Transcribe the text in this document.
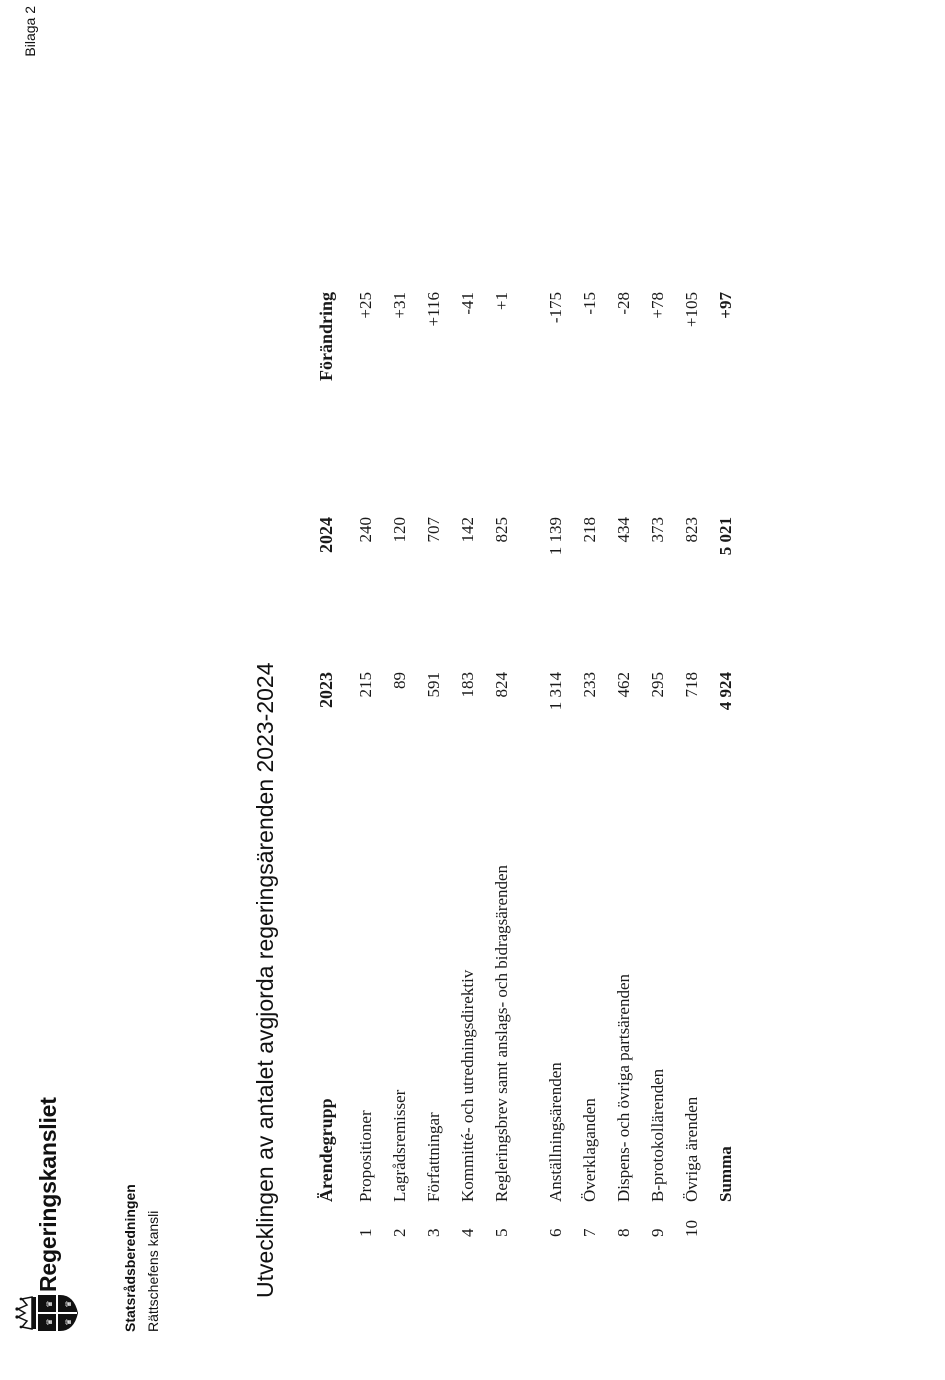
♛
♛
♛
♛
Regeringskansliet	Statsrådsberedningen Rättschefens kansli
Bilaga 2
Utvecklingen av antalet avgjorda regeringsärenden 2023-2024
	Ärendegrupp	2023	2024	Förändring
1	Propositioner	215	240	+25
2	Lagrådsremisser	89	120	+31
3	Författningar	591	707	+116
4	Kommitté- och utredningsdirektiv	183	142	-41
5	Regleringsbrev samt anslags- och bidragsärenden	824	825	+1
6	Anställningsärenden	1 314	1 139	-175
7	Överklaganden	233	218	-15
8	Dispens- och övriga partsärenden	462	434	-28
9	B-protokollärenden	295	373	+78
10	Övriga ärenden	718	823	+105
	Summa	4 924	5 021	+97
